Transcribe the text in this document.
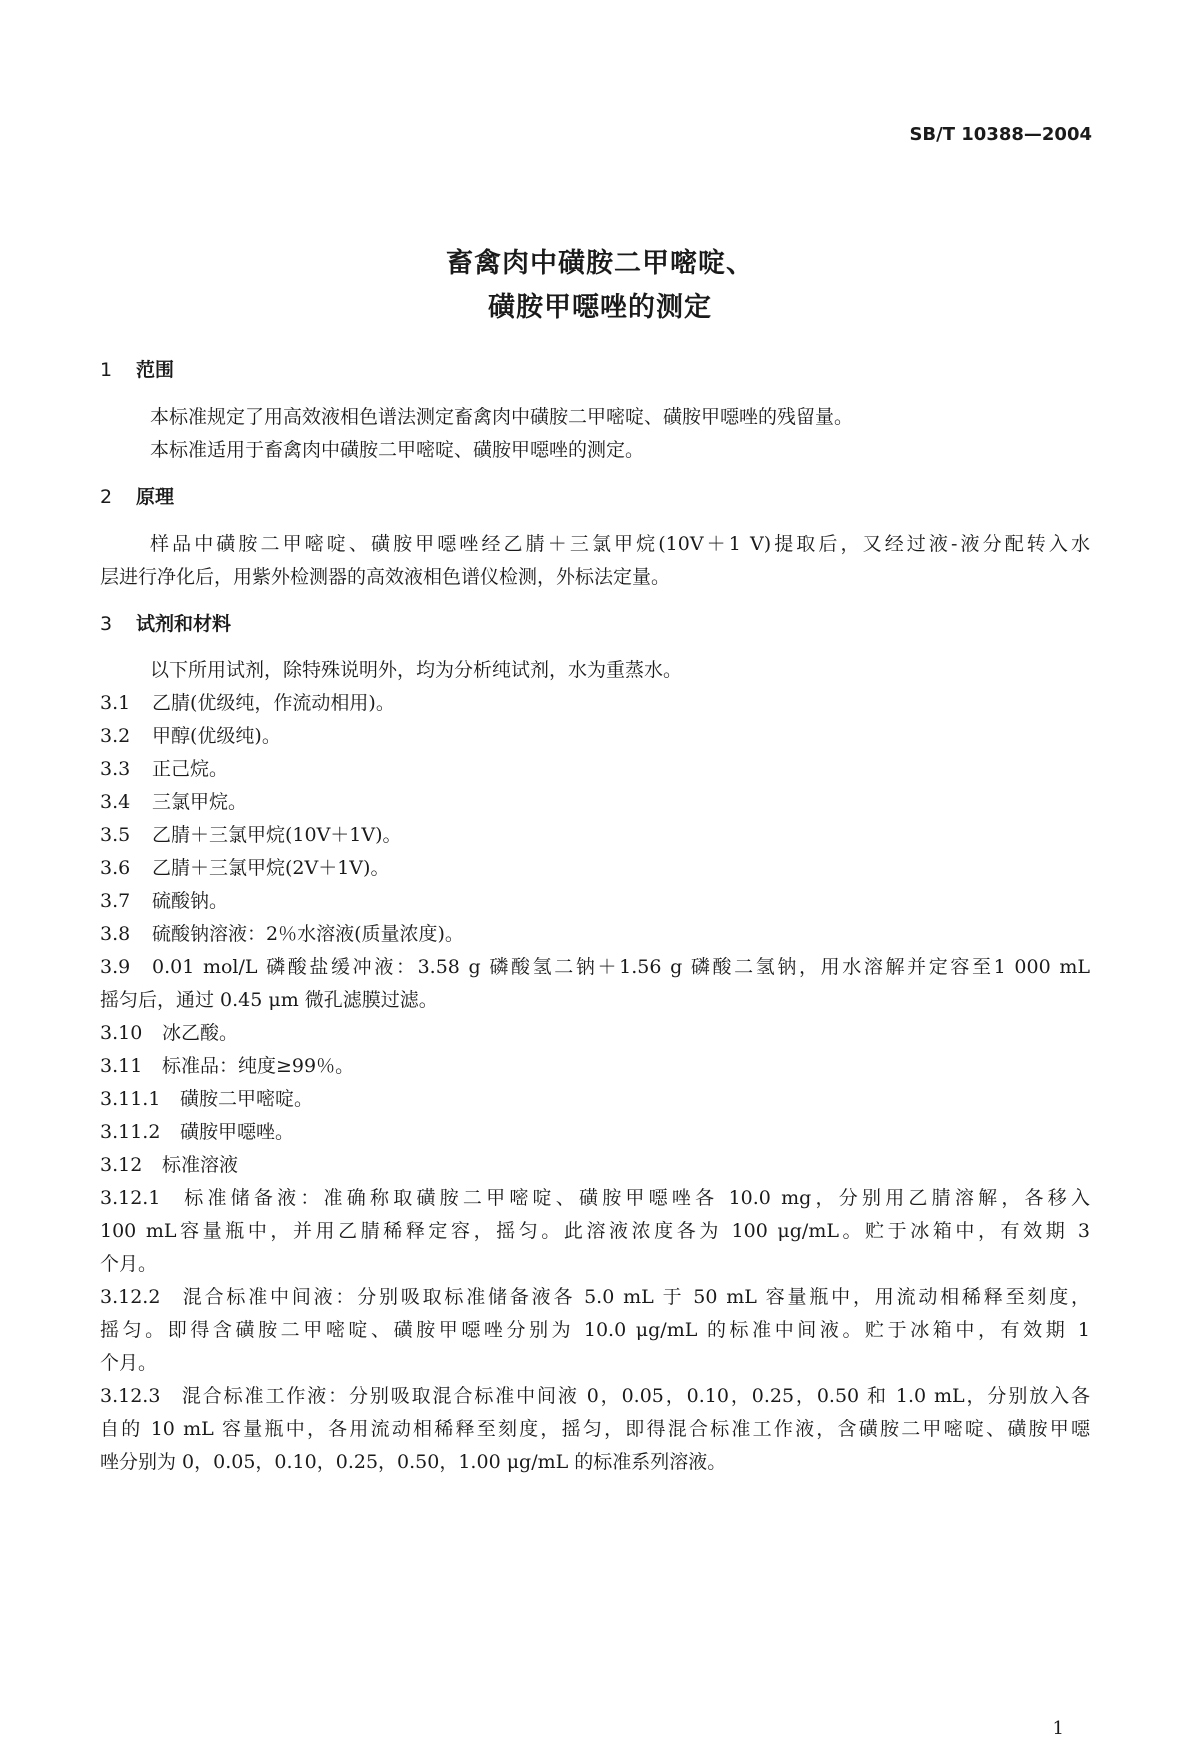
SB/T 10388—2004
畜禽肉中磺胺二甲嘧啶、
磺胺甲噁唑的测定
1 范围
本标准规定了用高效液相色谱法测定畜禽肉中磺胺二甲嘧啶、磺胺甲噁唑的残留量。
本标准适用于畜禽肉中磺胺二甲嘧啶、磺胺甲噁唑的测定。
2 原理
样品中磺胺二甲嘧啶、磺胺甲噁唑经乙腈＋三氯甲烷(10V＋1 V)提取后，又经过液-液分配转入水
层进行净化后，用紫外检测器的高效液相色谱仪检测，外标法定量。
3 试剂和材料
以下所用试剂，除特殊说明外，均为分析纯试剂，水为重蒸水。
3.1 乙腈(优级纯，作流动相用)。
3.2 甲醇(优级纯)。
3.3 正己烷。
3.4 三氯甲烷。
3.5 乙腈＋三氯甲烷(10V＋1V)。
3.6 乙腈＋三氯甲烷(2V＋1V)。
3.7 硫酸钠。
3.8 硫酸钠溶液：2％水溶液(质量浓度)。
3.9 0.01 mol/L 磷酸盐缓冲液：3.58 g 磷酸氢二钠＋1.56 g 磷酸二氢钠，用水溶解并定容至1 000 mL
摇匀后，通过 0.45 μm 微孔滤膜过滤。
3.10 冰乙酸。
3.11 标准品：纯度≥99％。
3.11.1 磺胺二甲嘧啶。
3.11.2 磺胺甲噁唑。
3.12 标准溶液
3.12.1 标准储备液：准确称取磺胺二甲嘧啶、磺胺甲噁唑各 10.0 mg，分别用乙腈溶解，各移入
100 mL容量瓶中，并用乙腈稀释定容，摇匀。此溶液浓度各为 100 μg/mL。贮于冰箱中，有效期 3
个月。
3.12.2 混合标准中间液：分别吸取标准储备液各 5.0 mL 于 50 mL 容量瓶中，用流动相稀释至刻度，
摇匀。即得含磺胺二甲嘧啶、磺胺甲噁唑分别为 10.0 μg/mL 的标准中间液。贮于冰箱中，有效期 1
个月。
3.12.3 混合标准工作液：分别吸取混合标准中间液 0，0.05，0.10，0.25，0.50 和 1.0 mL，分别放入各
自的 10 mL 容量瓶中，各用流动相稀释至刻度，摇匀，即得混合标准工作液，含磺胺二甲嘧啶、磺胺甲噁
唑分别为 0，0.05，0.10，0.25，0.50，1.00 μg/mL 的标准系列溶液。
1
